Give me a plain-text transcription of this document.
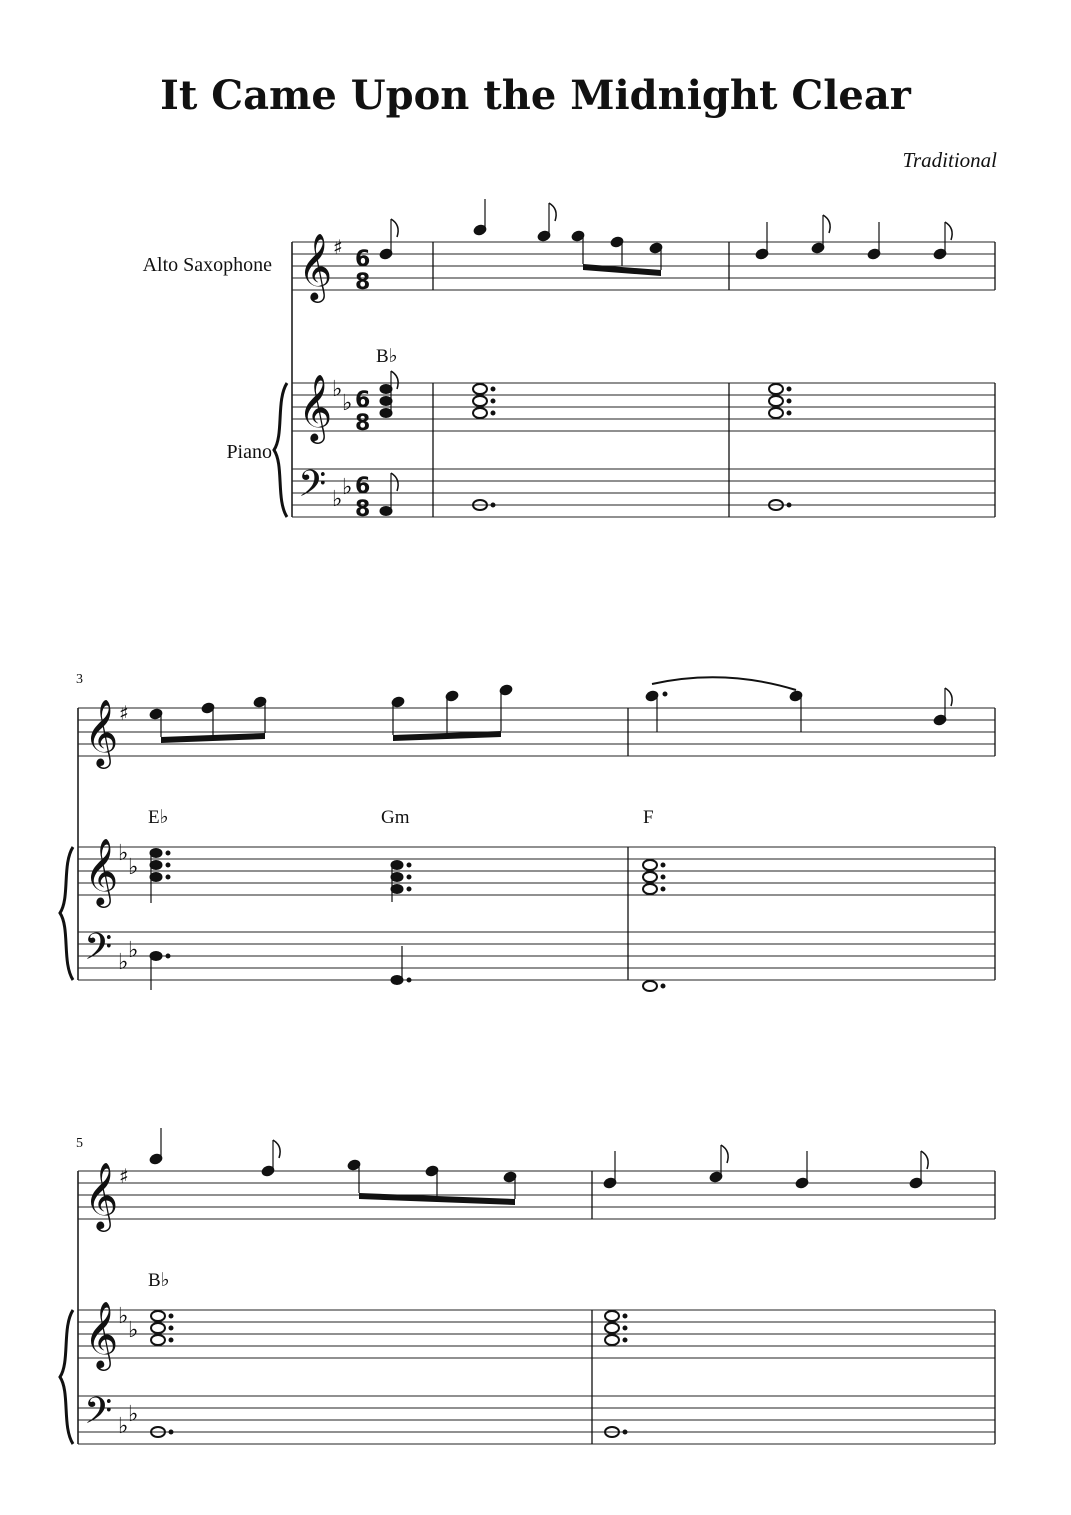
It Came Upon the Midnight Clear
Traditional
Alto Saxophone
Piano
𝄞
𝄞
𝄢
♯
♭
♭
♭ ♭
6
8
6
8
6
8
B♭
3
𝄞
𝄞
𝄢
♯
♭
♭
♭ ♭
E♭	Gm	F
5
𝄞
𝄞
𝄢
♯
♭
♭
♭ ♭
B♭
